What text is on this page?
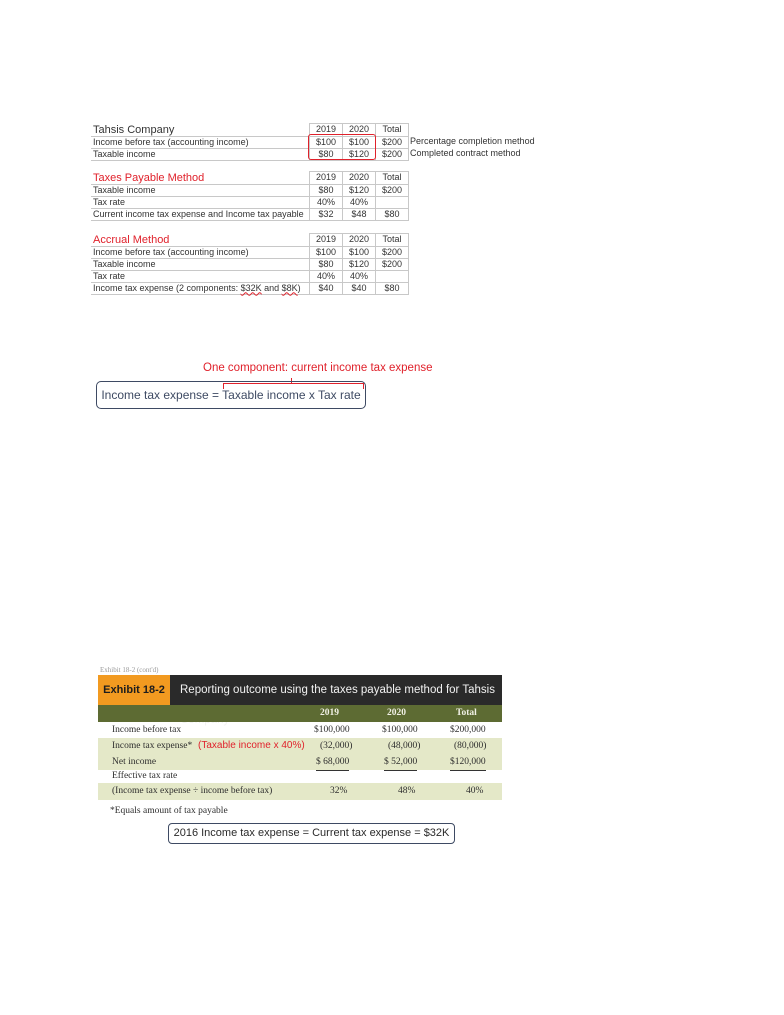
Tahsis Company	2019	2020	Total
Income before tax (accounting income)	$100	$100	$200
Taxable income	$80	$120	$200
Percentage completion method
Completed contract method
Taxes Payable Method	2019	2020	Total
Taxable income	$80	$120	$200
Tax rate	40%	40%	
Current income tax expense and Income tax payable	$32	$48	$80
Accrual Method	2019	2020	Total
Income before tax (accounting income)	$100	$100	$200
Taxable income	$80	$120	$200
Tax rate	40%	40%	
Income tax expense (2 components: $32K and $8K)	$40	$40	$80
One component: current income tax expense
Income tax expense = Taxable income x Tax rate
Exhibit 18-2 (cont'd)
Exhibit 18-2	Reporting outcome using the taxes payable method for Tahsis
2019	2020	Total
Income before tax	$100,000	$100,000	$200,000
Income tax expense* (Taxable income x 40%) (32,000)	(48,000)	(80,000)
Net income	$ 68,000	$ 52,000	$120,000
Effective tax rate
(Income tax expense ÷ income before tax)	32%	48%	40%
*Equals amount of tax payable
2016 Income tax expense = Current tax expense = $32K
